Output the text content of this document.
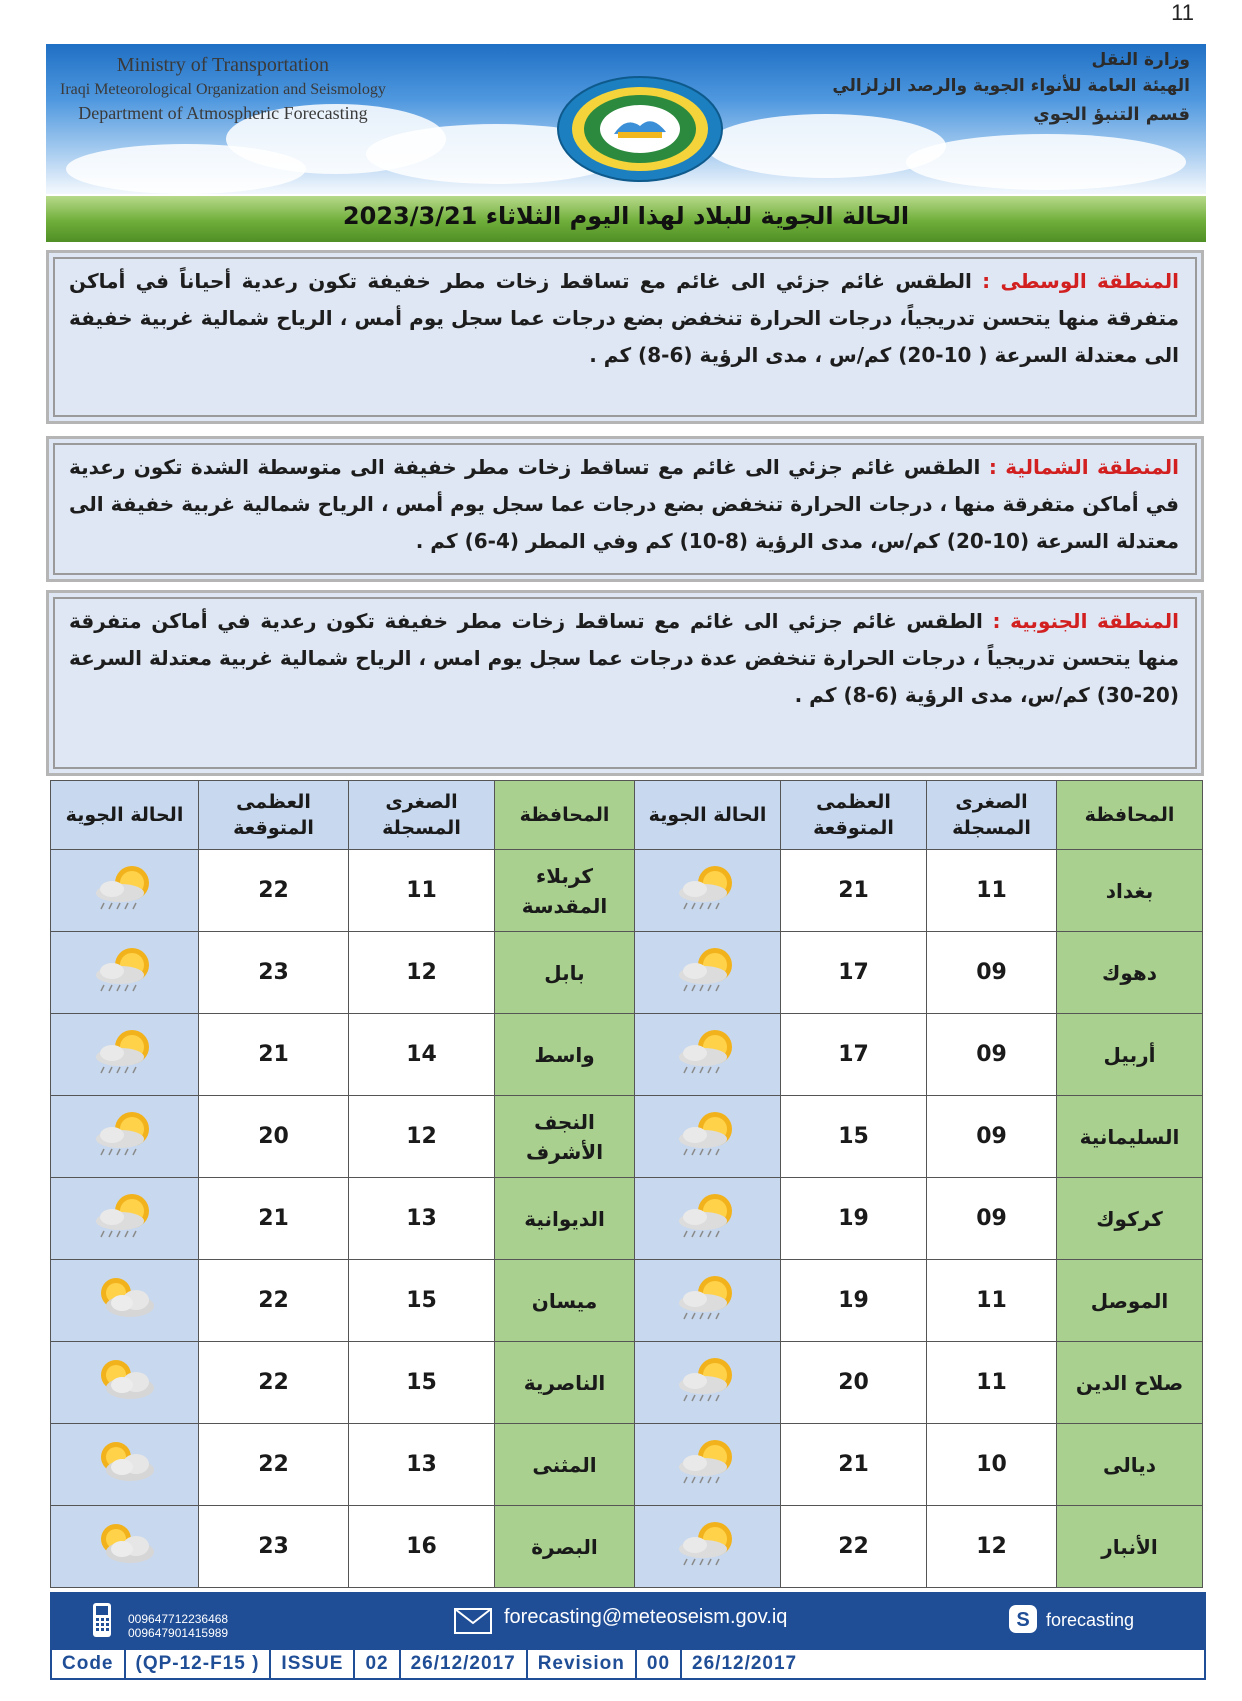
11
Ministry of Transportation
Iraqi Meteorological Organization and Seismology
Department of Atmospheric Forecasting
وزارة النقل
الهيئة العامة للأنواء الجوية والرصد الزلزالي
قسم التنبؤ الجوي
الحالة الجوية للبلاد لهذا اليوم الثلاثاء 2023/3/21

المنطقة الوسطى : الطقس غائم جزئي الى غائم مع تساقط زخات مطر خفيفة تكون رعدية أحياناً في أماكن متفرقة منها يتحسن تدريجياً، درجات الحرارة تنخفض بضع درجات عما سجل يوم أمس ، الرياح شمالية غربية خفيفة الى معتدلة السرعة ( 10-20) كم/س ، مدى الرؤية (6-8) كم .

المنطقة الشمالية : الطقس غائم جزئي الى غائم مع تساقط زخات مطر خفيفة الى متوسطة الشدة تكون رعدية في أماكن متفرقة منها ، درجات الحرارة تنخفض بضع درجات عما سجل يوم أمس ، الرياح شمالية غربية خفيفة الى معتدلة السرعة (10-20) كم/س، مدى الرؤية (8-10) كم وفي المطر (4-6) كم .

المنطقة الجنوبية : الطقس غائم جزئي الى غائم مع تساقط زخات مطر خفيفة تكون رعدية في أماكن متفرقة منها يتحسن تدريجياً ، درجات الحرارة تنخفض عدة درجات عما سجل يوم امس ، الرياح شمالية غربية معتدلة السرعة (20-30) كم/س، مدى الرؤية (6-8) كم .

المحافظة	الصغرى المسجلة	العظمى المتوقعة	الحالة الجوية	المحافظة	الصغرى المسجلة	العظمى المتوقعة	الحالة الجوية
بغداد	11	21		كربلاء المقدسة	11	22	
دهوك	09	17		بابل	12	23	
أربيل	09	17		واسط	14	21	
السليمانية	09	15		النجف الأشرف	12	20	
كركوك	09	19		الديوانية	13	21	
الموصل	11	19		ميسان	15	22	
صلاح الدين	11	20		الناصرية	15	22	
ديالى	10	21		المثنى	13	22	
الأنبار	12	22		البصرة	16	23	
009647712236468
009647901415989
forecasting@meteoseism.gov.iq	S forecasting
Code	(QP-12-F15 )	ISSUE	02	26/12/2017	Revision	00	26/12/2017
